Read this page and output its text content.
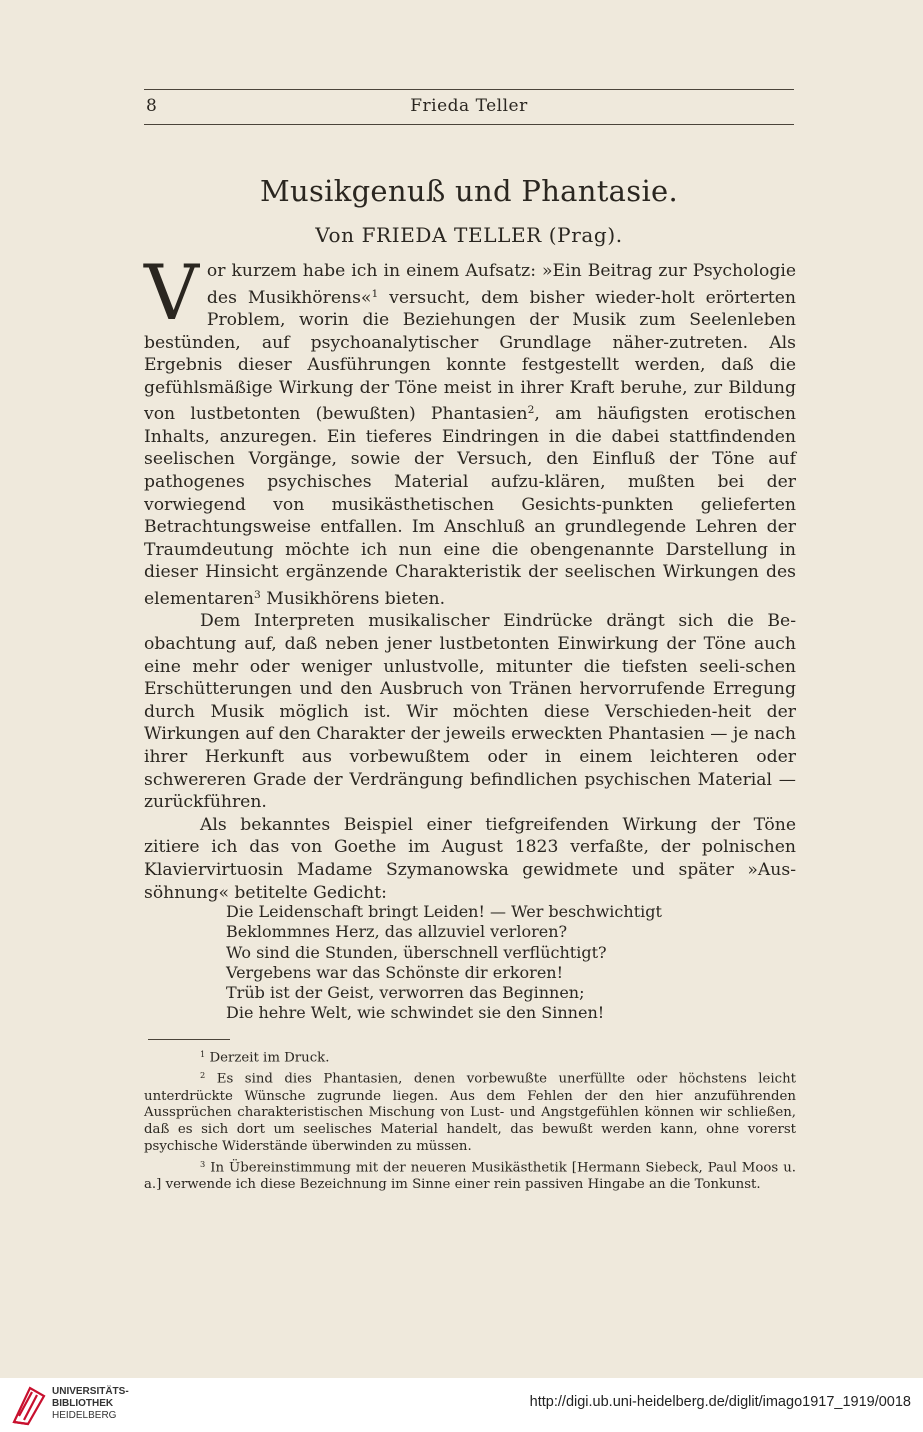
8	Frieda Teller
Musikgenuß und Phantasie.
Von FRIEDA TELLER (Prag).

Vor kurzem habe ich in einem Aufsatz: »Ein Beitrag zur Psychologie des Musikhörens«$^1$ versucht, dem bisher wieder-holt erörterten Problem, worin die Beziehungen der Musik zum Seelenleben bestünden, auf psychoanalytischer Grundlage näher-zutreten. Als Ergebnis dieser Ausführungen konnte festgestellt werden, daß die gefühlsmäßige Wirkung der Töne meist in ihrer Kraft beruhe, zur Bildung von lustbetonten (bewußten) Phantasien$^2$, am häufigsten erotischen Inhalts, anzuregen. Ein tieferes Eindringen in die dabei stattfindenden seelischen Vorgänge, sowie der Versuch, den Einfluß der Töne auf pathogenes psychisches Material aufzu-klären, mußten bei der vorwiegend von musikästhetischen Gesichts-punkten gelieferten Betrachtungsweise entfallen. Im Anschluß an grundlegende Lehren der Traumdeutung möchte ich nun eine die obengenannte Darstellung in dieser Hinsicht ergänzende Charakteristik der seelischen Wirkungen des elementaren$^3$ Musikhörens bieten.

Dem Interpreten musikalischer Eindrücke drängt sich die Be-obachtung auf, daß neben jener lustbetonten Einwirkung der Töne auch eine mehr oder weniger unlustvolle, mitunter die tiefsten seeli-schen Erschütterungen und den Ausbruch von Tränen hervorrufende Erregung durch Musik möglich ist. Wir möchten diese Verschieden-heit der Wirkungen auf den Charakter der jeweils erweckten Phantasien — je nach ihrer Herkunft aus vorbewußtem oder in einem leichteren oder schwereren Grade der Verdrängung befindlichen psychischen Material — zurückführen.

Als bekanntes Beispiel einer tiefgreifenden Wirkung der Töne zitiere ich das von Goethe im August 1823 verfaßte, der polnischen Klaviervirtuosin Madame Szymanowska gewidmete und später »Aus-söhnung« betitelte Gedicht:

Die Leidenschaft bringt Leiden! — Wer beschwichtigt
Beklommnes Herz, das allzuviel verloren?
Wo sind die Stunden, überschnell verflüchtigt?
Vergebens war das Schönste dir erkoren!
Trüb ist der Geist, verworren das Beginnen;
Die hehre Welt, wie schwindet sie den Sinnen!

$^1$ Derzeit im Druck.

$^2$ Es sind dies Phantasien, denen vorbewußte unerfüllte oder höchstens leicht unterdrückte Wünsche zugrunde liegen. Aus dem Fehlen der den hier anzuführenden Aussprüchen charakteristischen Mischung von Lust- und Angstgefühlen können wir schließen, daß es sich dort um seelisches Material handelt, das bewußt werden kann, ohne vorerst psychische Widerstände überwinden zu müssen.

$^3$ In Übereinstimmung mit der neueren Musikästhetik [Hermann Siebeck, Paul Moos u. a.] verwende ich diese Bezeichnung im Sinne einer rein passiven Hingabe an die Tonkunst.

UNIVERSITÄTS-
BIBLIOTHEK
HEIDELBERG
http://digi.ub.uni-heidelberg.de/diglit/imago1917_1919/0018
